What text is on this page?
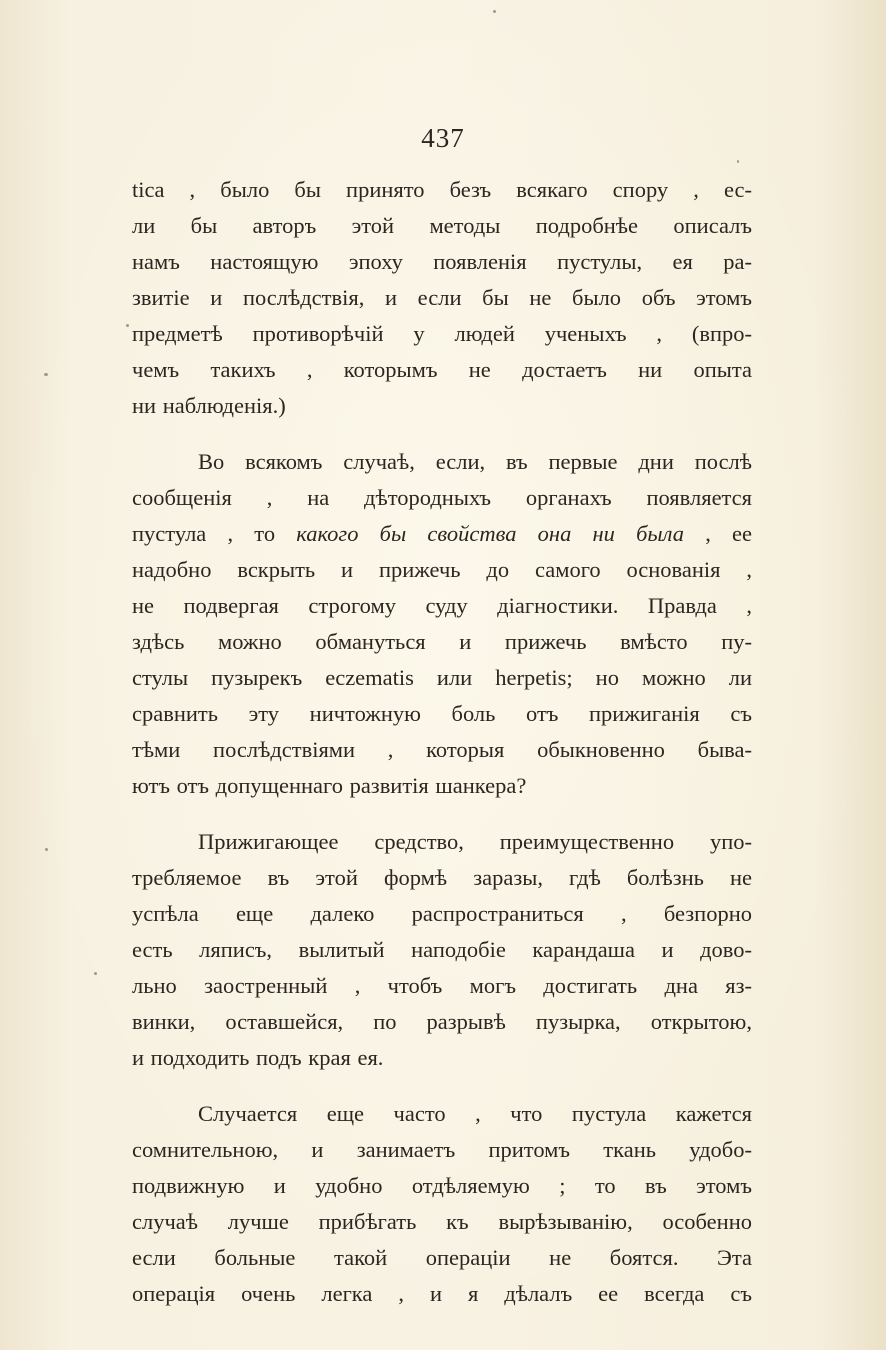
437
tica , было бы принято безъ всякаго спору , ес-
ли бы авторъ этой методы подробнѣе описалъ
намъ настоящую эпоху появленія пустулы, ея ра-
звитіе и послѣдствія, и если бы не было объ этомъ
предметѣ противорѣчій у людей ученыхъ , (впро-
чемъ такихъ , которымъ не достаетъ ни опыта
ни наблюденія.)
Во всякомъ случаѣ, если, въ первые дни послѣ
сообщенія , на дѣтородныхъ органахъ появляется
пустула , то какого бы свойства она ни была , ее
надобно вскрыть и прижечь до самого основанія ,
не подвергая строгому суду діагностики. Правда ,
здѣсь можно обмануться и прижечь вмѣсто пу-
стулы пузырекъ eczematis или herpetis; но можно ли
сравнить эту ничтожную боль отъ прижиганія съ
тѣми послѣдствіями , которыя обыкновенно быва-
ютъ отъ допущеннаго развитія шанкера?
Прижигающее средство, преимущественно упо-
требляемое въ этой формѣ заразы, гдѣ болѣзнь не
успѣла еще далеко распространиться , безпорно
есть ляписъ, вылитый наподобіе карандаша и дово-
льно заостренный , чтобъ могъ достигать дна яз-
винки, оставшейся, по разрывѣ пузырка, открытою,
и подходить подъ края ея.
Случается еще часто , что пустула кажется
сомнительною, и занимаетъ притомъ ткань удобо-
подвижную и удобно отдѣляемую ; то въ этомъ
случаѣ лучше прибѣгать къ вырѣзыванію, особенно
если больные такой операціи не боятся. Эта
операція очень легка , и я дѣлалъ ее всегда съ
